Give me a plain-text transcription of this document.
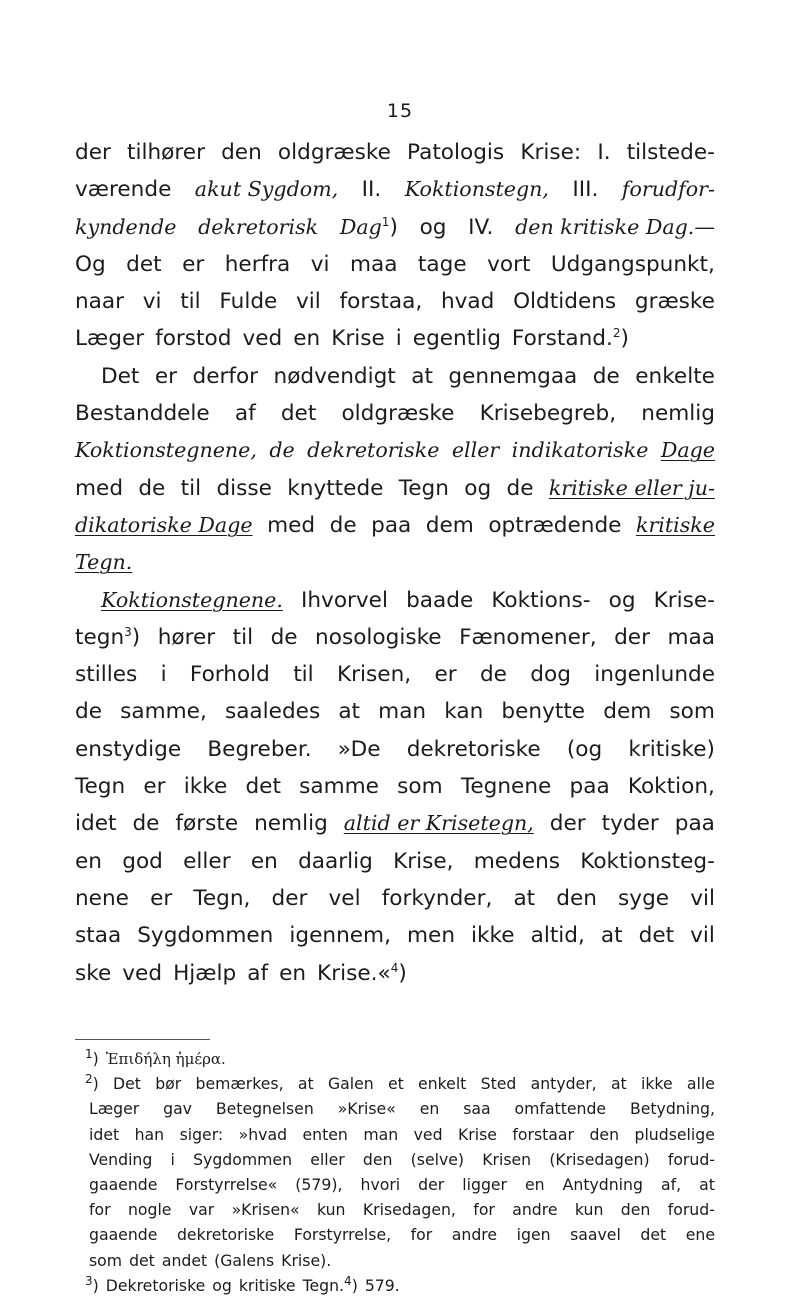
15
der tilhører den oldgræske Patologis Krise: I. tilstede-
værende akut Sygdom, II. Koktionstegn, III. forudfor-
kyndende dekretorisk Dag$^1$) og IV. den kritiske Dag.—
Og det er herfra vi maa tage vort Udgangspunkt,
naar vi til Fulde vil forstaa, hvad Oldtidens græske
Læger forstod ved en Krise i egentlig Forstand.$^2$)
Det er derfor nødvendigt at gennemgaa de enkelte
Bestanddele af det oldgræske Krisebegreb, nemlig
Koktionstegnene, de dekretoriske eller indikatoriske Dage
med de til disse knyttede Tegn og de kritiske eller ju-
dikatoriske Dage med de paa dem optrædende kritiske
Tegn.
Koktionstegnene. Ihvorvel baade Koktions- og Krise-
tegn$^3$) hører til de nosologiske Fænomener, der maa
stilles i Forhold til Krisen, er de dog ingenlunde
de samme, saaledes at man kan benytte dem som
enstydige Begreber. »De dekretoriske (og kritiske)
Tegn er ikke det samme som Tegnene paa Koktion,
idet de første nemlig altid er Krisetegn, der tyder paa
en god eller en daarlig Krise, medens Koktionsteg-
nene er Tegn, der vel forkynder, at den syge vil
staa Sygdommen igennem, men ikke altid, at det vil
ske ved Hjælp af en Krise.«$^4$)
$^1$) Ἐπιδήλη ἡμέρα.
$^2$) Det bør bemærkes, at Galen et enkelt Sted antyder, at ikke alle
Læger gav Betegnelsen »Krise« en saa omfattende Betydning,
idet han siger: »hvad enten man ved Krise forstaar den pludselige
Vending i Sygdommen eller den (selve) Krisen (Krisedagen) forud-
gaaende Forstyrrelse« (579), hvori der ligger en Antydning af, at
for nogle var »Krisen« kun Krisedagen, for andre kun den forud-
gaaende dekretoriske Forstyrrelse, for andre igen saavel det ene
som det andet (Galens Krise).
$^3$) Dekretoriske og kritiske Tegn.$^4$) 579.
